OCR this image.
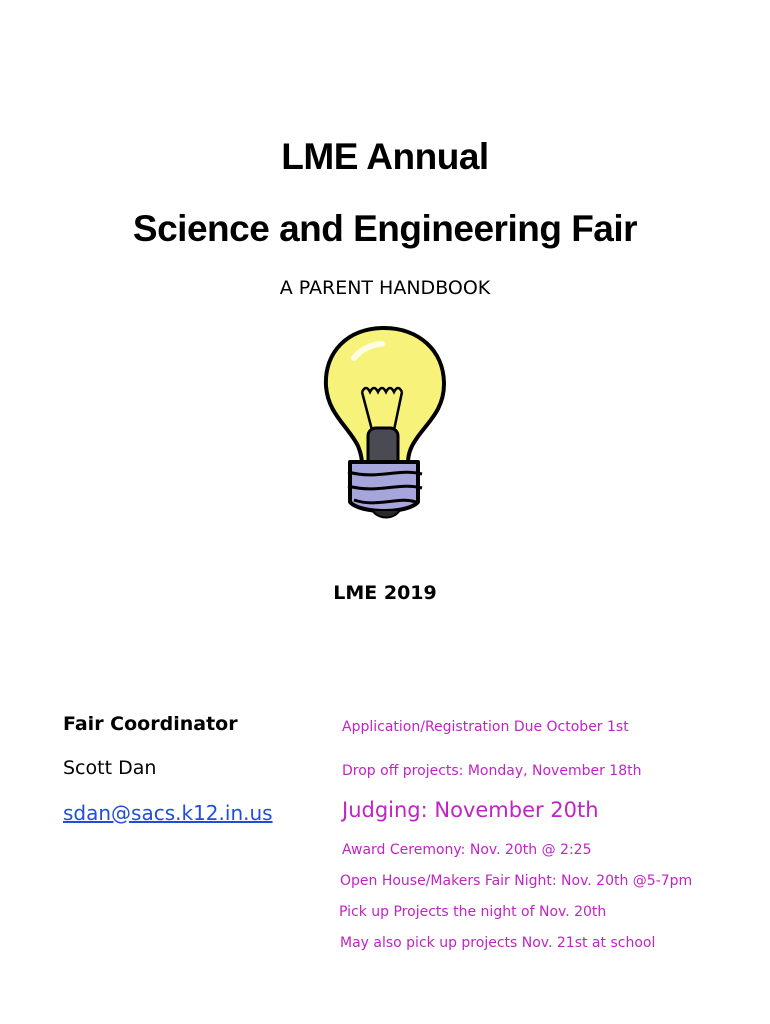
LME Annual
Science and Engineering Fair
A PARENT HANDBOOK
LME 2019
Fair Coordinator
Scott Dan
sdan@sacs.k12.in.us
Application/Registration Due October 1st
Drop off projects: Monday, November 18th
Judging: November 20th
Award Ceremony: Nov. 20th @ 2:25
Open House/Makers Fair Night: Nov. 20th @5-7pm
Pick up Projects the night of Nov. 20th
May also pick up projects Nov. 21st at school
